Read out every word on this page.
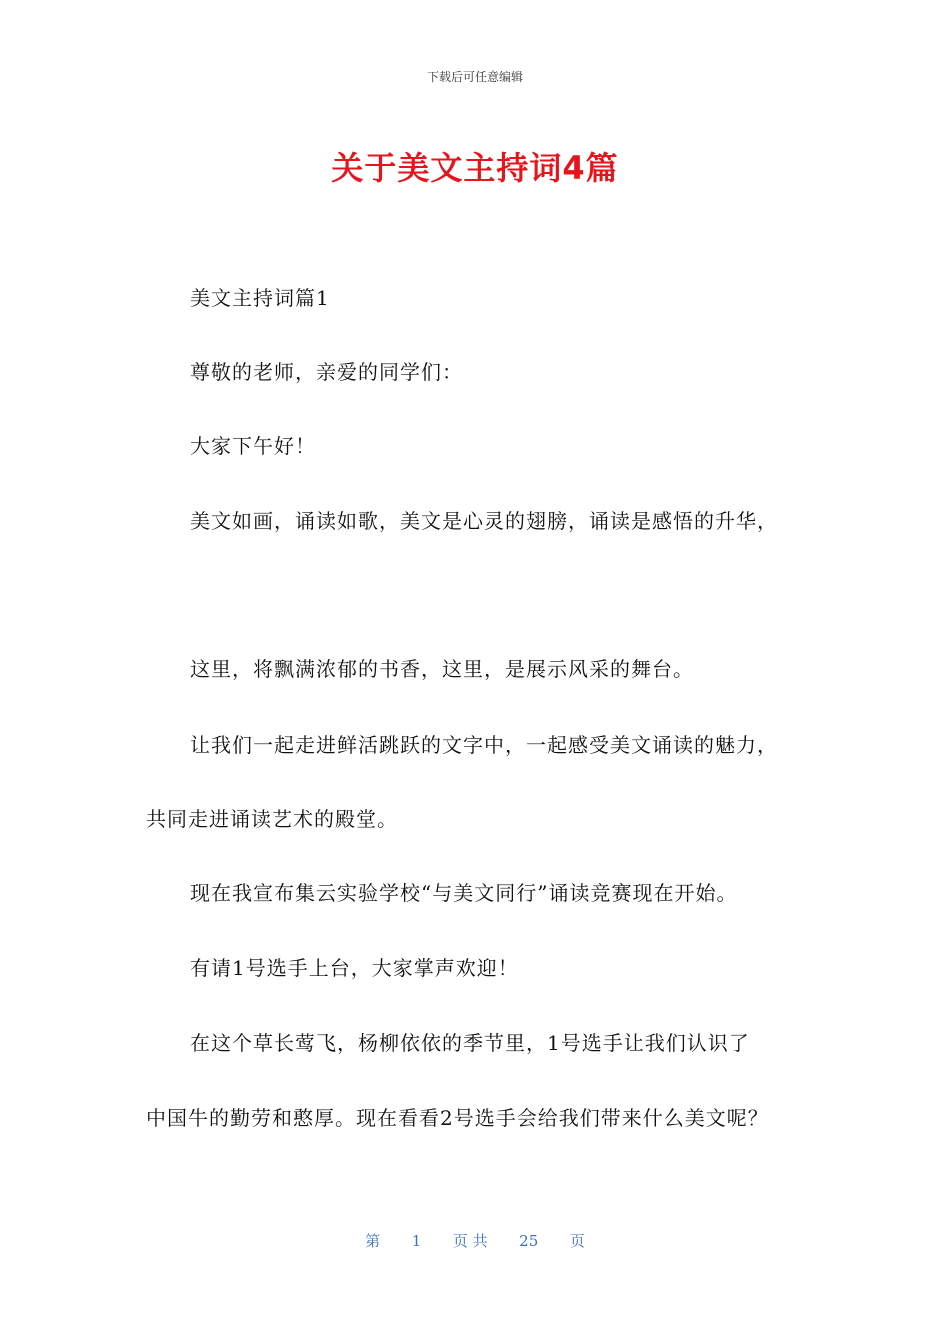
下载后可任意编辑
关于美文主持词4篇
美文主持词篇1
尊敬的老师，亲爱的同学们：
大家下午好！
美文如画，诵读如歌，美文是心灵的翅膀，诵读是感悟的升华，
这里，将飘满浓郁的书香，这里，是展示风采的舞台。
让我们一起走进鲜活跳跃的文字中，一起感受美文诵读的魅力，
共同走进诵读艺术的殿堂。
现在我宣布集云实验学校“与美文同行”诵读竞赛现在开始。
有请1号选手上台，大家掌声欢迎！
在这个草长莺飞，杨柳依依的季节里，1号选手让我们认识了
中国牛的勤劳和憨厚。现在看看2号选手会给我们带来什么美文呢？
第 1 页 共 25 页
